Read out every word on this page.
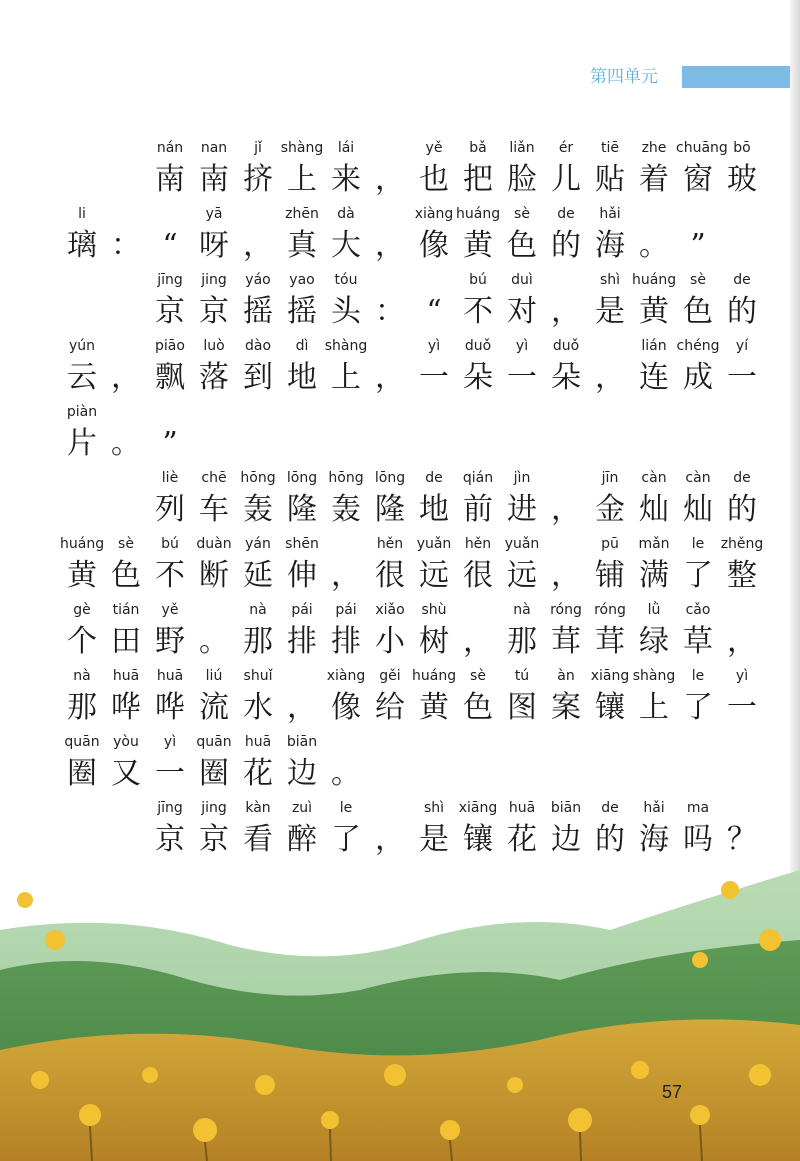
第四单元
nán	nan	jǐ	shàng	lái	yě	bǎ	liǎn	ér	tiē	zhe chuāng bō
南 南 挤 上 来 ， 也 把 脸 儿 贴 着 窗 玻
li	yā	zhēn	dà	xiàng huáng sè	de	hǎi
璃 ： “ 呀 ， 真 大 ， 像 黄 色 的 海 。 ”
jīng	jing	yáo	yao	tóu	bú	duì	shì huáng sè	de
京 京 摇 摇 头 ： “ 不 对 ， 是 黄 色 的
yún	piāo	luò	dào	dì	shàng	yì	duǒ	yì	duǒ	lián chéng	yí
云 ， 飘 落 到 地 上 ， 一 朵 一 朵 ， 连 成 一
piàn
片 。 ”
liè	chē hōng lōng hōng lōng	de	qián	jìn	jīn	càn	càn	de
列 车 轰 隆 轰 隆 地 前 进 ， 金 灿 灿 的
huáng sè	bú	duàn yán	shēn	hěn yuǎn hěn yuǎn	pū	mǎn	le	zhěng
黄 色 不 断 延 伸 ， 很 远 很 远 ， 铺 满 了 整
gè	tián	yě	nà	pái	pái	xiǎo	shù	nà	róng róng	lǜ	cǎo
个 田 野 。 那 排 排 小 树 ， 那 茸 茸 绿 草 ，
nà	huā	huā	liú	shuǐ	xiàng	gěi huáng sè	tú	àn	xiāng shàng	le	yì
那 哗 哗 流 水 ， 像 给 黄 色 图 案 镶 上 了 一
quān yòu	yì	quān huā	biān
圈 又 一 圈 花 边 。
jīng	jing	kàn	zuì	le	shì	xiāng huā	biān	de	hǎi	ma
京 京 看 醉 了 ， 是 镶 花 边 的 海 吗 ？
57
